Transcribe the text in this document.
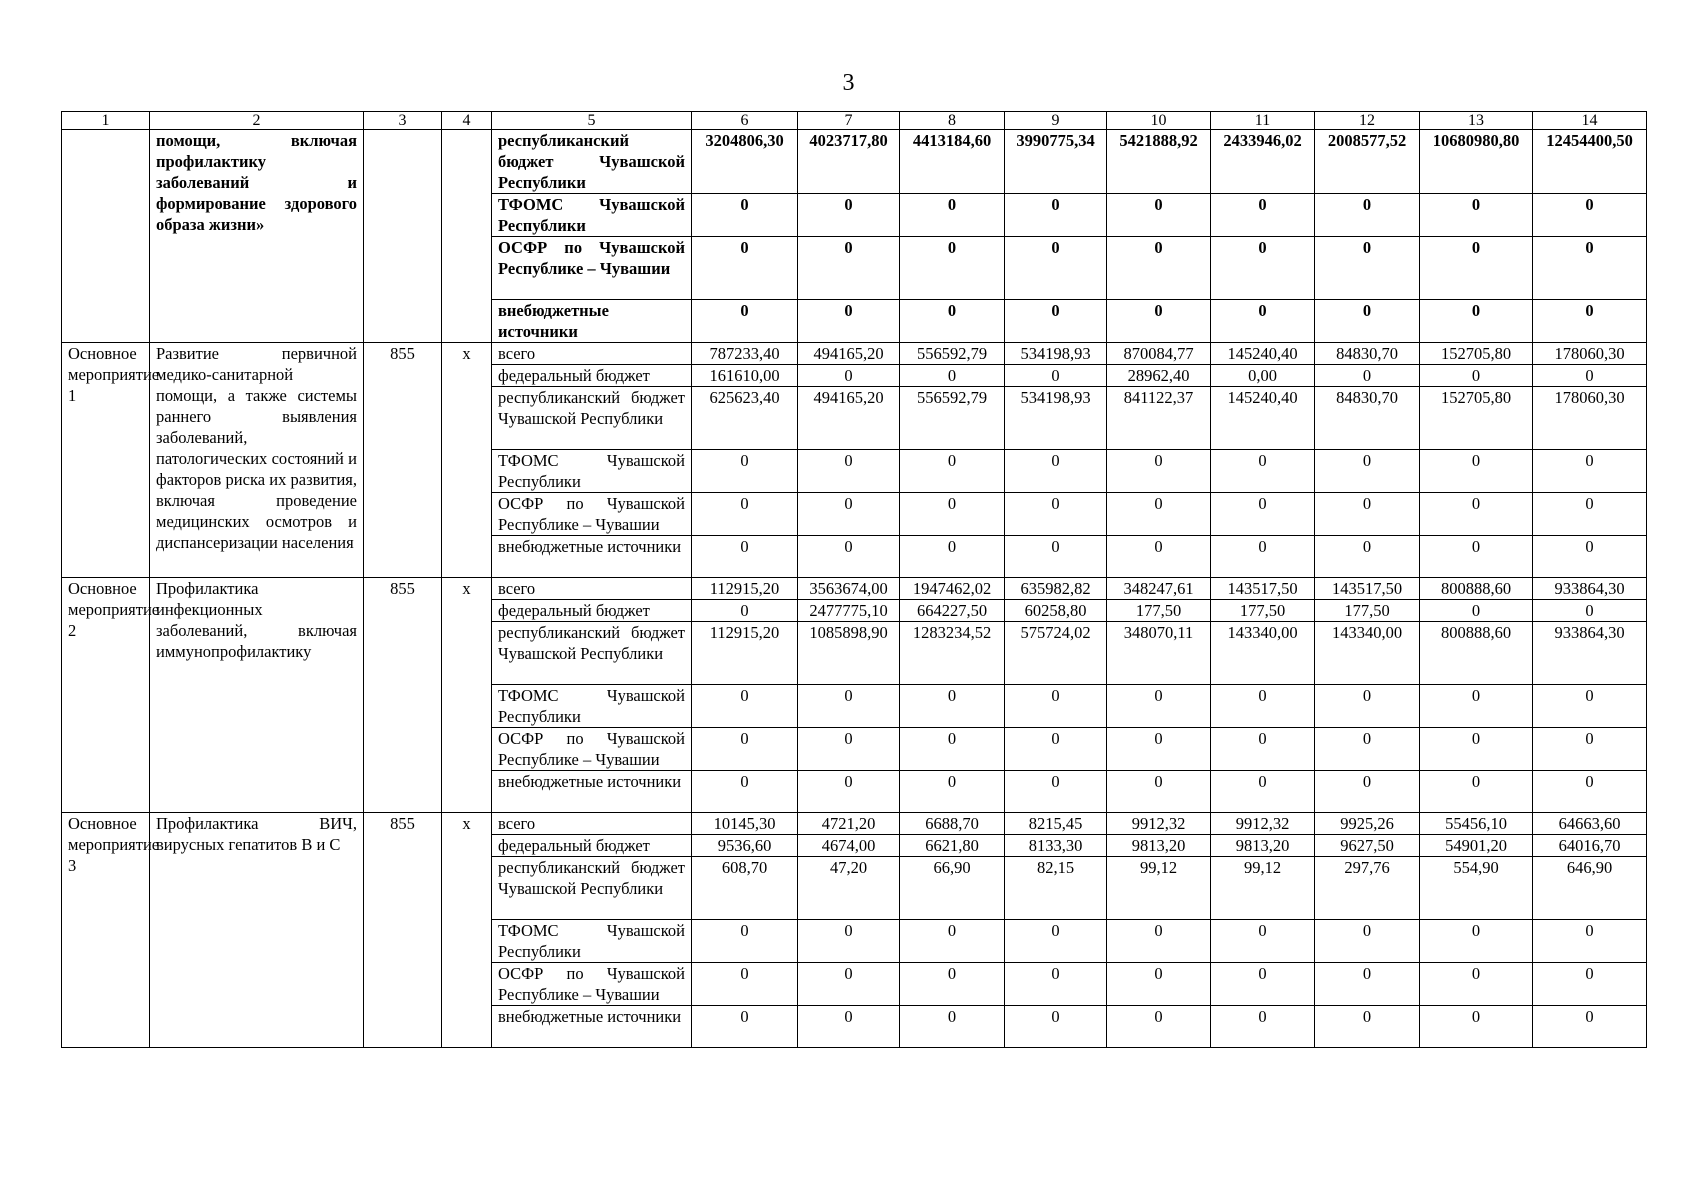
3
1	2	3	4	5	6	7	8	9	10	11	12	13	14
	помощи, включая профилактику заболеваний и формирование здорового образа жизни»			республиканский бюджет Чувашской Республики	3204806,30	4023717,80	4413184,60	3990775,34	5421888,92	2433946,02	2008577,52	10680980,80	12454400,50
				ТФОМС Чувашской Республики	0	0	0	0	0	0	0	0	0
				ОСФР по Чувашской Республике – Чувашии	0	0	0	0	0	0	0	0	0
				внебюджетные источники	0	0	0	0	0	0	0	0	0
Основное мероприятие 1	Развитие первичной медико-санитарной помощи, а также системы раннего выявления заболеваний, патологических состояний и факторов риска их развития, включая проведение медицинских осмотров и диспансеризации населения	855	х	всего	787233,40	494165,20	556592,79	534198,93	870084,77	145240,40	84830,70	152705,80	178060,30
				федеральный бюджет	161610,00	0	0	0	28962,40	0,00	0	0	0
				республиканский бюджет Чувашской Республики	625623,40	494165,20	556592,79	534198,93	841122,37	145240,40	84830,70	152705,80	178060,30
				ТФОМС Чувашской Республики	0	0	0	0	0	0	0	0	0
				ОСФР по Чувашской Республике – Чувашии	0	0	0	0	0	0	0	0	0
				внебюджетные источники	0	0	0	0	0	0	0	0	0
Основное мероприятие 2	Профилактика инфекционных заболеваний, включая иммунопрофилактику	855	х	всего	112915,20	3563674,00	1947462,02	635982,82	348247,61	143517,50	143517,50	800888,60	933864,30
				федеральный бюджет	0	2477775,10	664227,50	60258,80	177,50	177,50	177,50	0	0
				республиканский бюджет Чувашской Республики	112915,20	1085898,90	1283234,52	575724,02	348070,11	143340,00	143340,00	800888,60	933864,30
				ТФОМС Чувашской Республики	0	0	0	0	0	0	0	0	0
				ОСФР по Чувашской Республике – Чувашии	0	0	0	0	0	0	0	0	0
				внебюджетные источники	0	0	0	0	0	0	0	0	0
Основное мероприятие 3	Профилактика ВИЧ, вирусных гепатитов В и С	855	х	всего	10145,30	4721,20	6688,70	8215,45	9912,32	9912,32	9925,26	55456,10	64663,60
				федеральный бюджет	9536,60	4674,00	6621,80	8133,30	9813,20	9813,20	9627,50	54901,20	64016,70
				республиканский бюджет Чувашской Республики	608,70	47,20	66,90	82,15	99,12	99,12	297,76	554,90	646,90
				ТФОМС Чувашской Республики	0	0	0	0	0	0	0	0	0
				ОСФР по Чувашской Республике – Чувашии	0	0	0	0	0	0	0	0	0
				внебюджетные источники	0	0	0	0	0	0	0	0	0
